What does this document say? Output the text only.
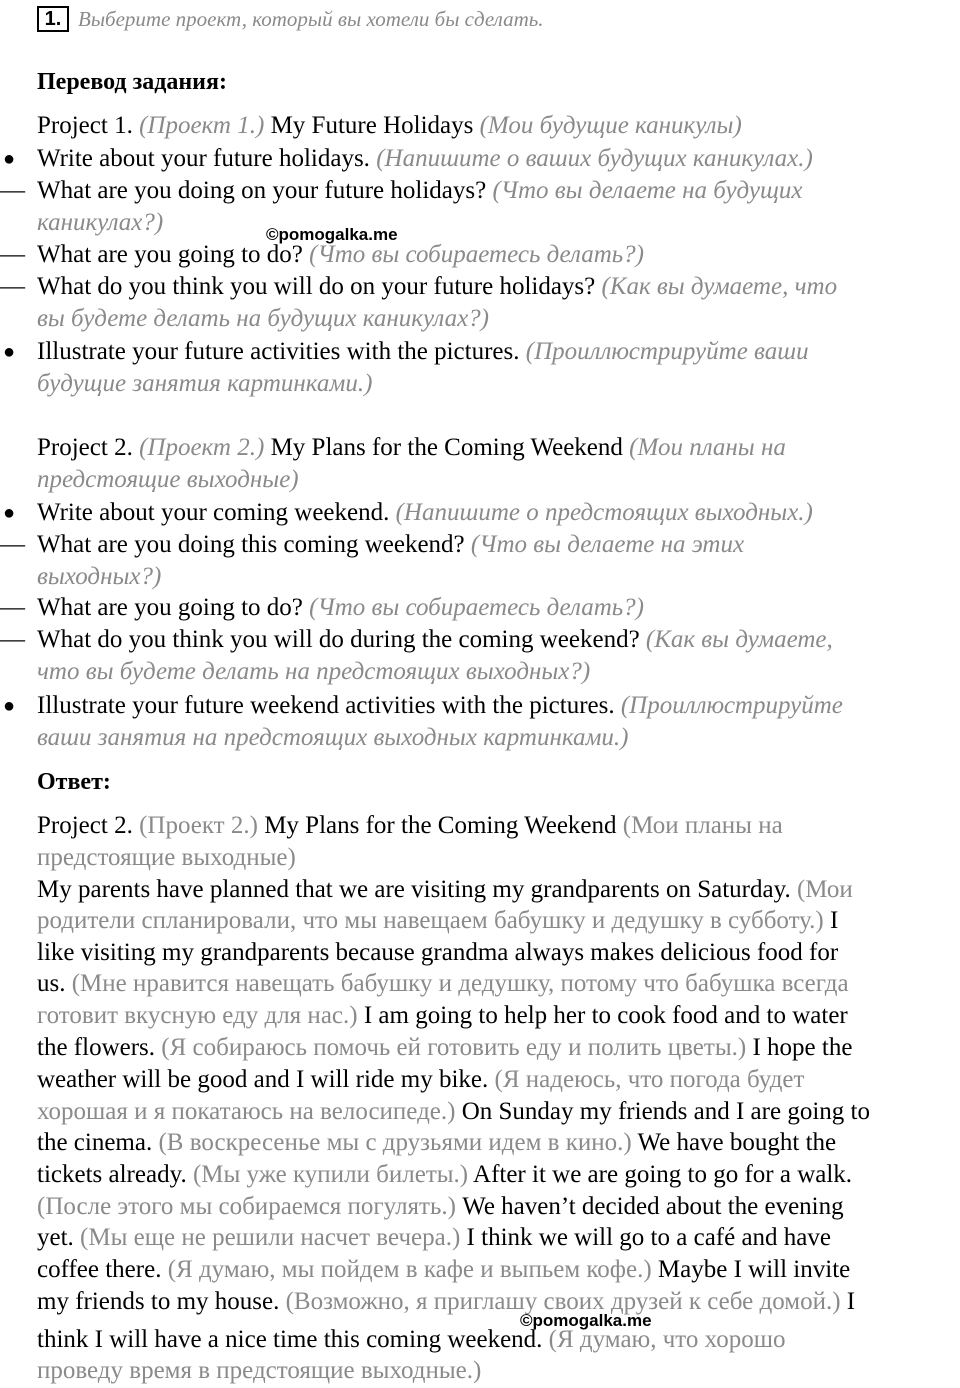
1. Выберите проект, который вы хотели бы сделать.
Перевод задания:
Project 1. (Проект 1.) My Future Holidays (Мои будущие каникулы)
● Write about your future holidays. (Напишите о ваших будущих каникулах.)
— What are you doing on your future holidays? (Что вы делаете на будущих
каникулах?)
— What are you going to do? (Что вы собираетесь делать?)
— What do you think you will do on your future holidays? (Как вы думаете, что
вы будете делать на будущих каникулах?)
● Illustrate your future activities with the pictures. (Проиллюстрируйте ваши
будущие занятия картинками.)
Project 2. (Проект 2.) My Plans for the Coming Weekend (Мои планы на
предстоящие выходные)
● Write about your coming weekend. (Напишите о предстоящих выходных.)
— What are you doing this coming weekend? (Что вы делаете на этих
выходных?)
— What are you going to do? (Что вы собираетесь делать?)
— What do you think you will do during the coming weekend? (Как вы думаете,
что вы будете делать на предстоящих выходных?)
● Illustrate your future weekend activities with the pictures. (Проиллюстрируйте
ваши занятия на предстоящих выходных картинками.)
Ответ:
Project 2. (Проект 2.) My Plans for the Coming Weekend (Мои планы на
предстоящие выходные)
My parents have planned that we are visiting my grandparents on Saturday. (Мои
родители спланировали, что мы навещаем бабушку и дедушку в субботу.) I
like visiting my grandparents because grandma always makes delicious food for
us. (Мне нравится навещать бабушку и дедушку, потому что бабушка всегда
готовит вкусную еду для нас.) I am going to help her to cook food and to water
the flowers. (Я собираюсь помочь ей готовить еду и полить цветы.) I hope the
weather will be good and I will ride my bike. (Я надеюсь, что погода будет
хорошая и я покатаюсь на велосипеде.) On Sunday my friends and I are going to
the cinema. (В воскресенье мы с друзьями идем в кино.) We have bought the
tickets already. (Мы уже купили билеты.) After it we are going to go for a walk.
(После этого мы собираемся погулять.) We haven’t decided about the evening
yet. (Мы еще не решили насчет вечера.) I think we will go to a café and have
coffee there. (Я думаю, мы пойдем в кафе и выпьем кофе.) Maybe I will invite
my friends to my house. (Возможно, я приглашу своих друзей к себе домой.) I
think I will have a nice time this coming weekend. (Я думаю, что хорошо
проведу время в предстоящие выходные.)
©pomogalka.me
©pomogalka.me
